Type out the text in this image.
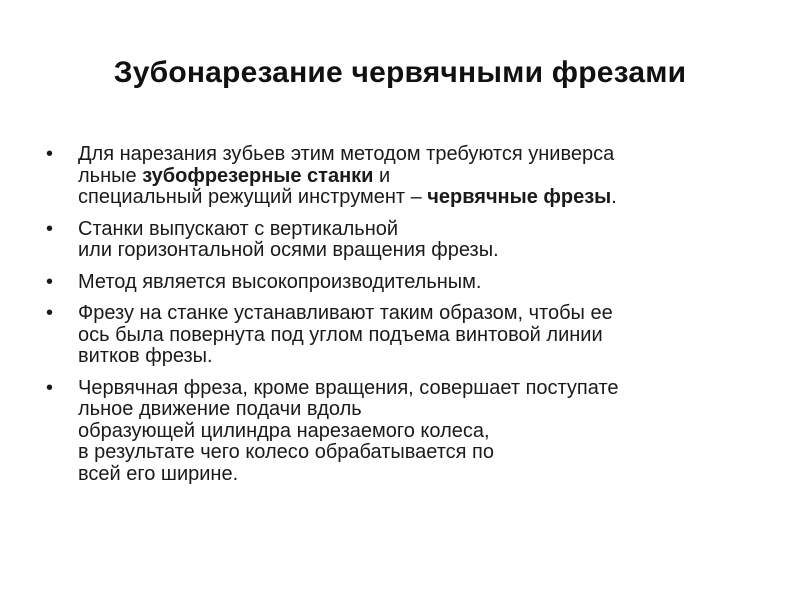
Зубонарезание червячными фрезами
• Для нарезания зубьев этим методом требуются универса
льные зубофрезерные станки и
специальный режущий инструмент – червячные фрезы.
• Станки выпускают с вертикальной
или горизонтальной осями вращения фрезы.
• Метод является высокопроизводительным.
• Фрезу на станке устанавливают таким образом, чтобы ее
ось была повернута под углом подъема винтовой линии
витков фрезы.
• Червячная фреза, кроме вращения, совершает поступате
льное движение подачи вдоль
образующей цилиндра нарезаемого колеса,
в результате чего колесо обрабатывается по
всей его ширине.
